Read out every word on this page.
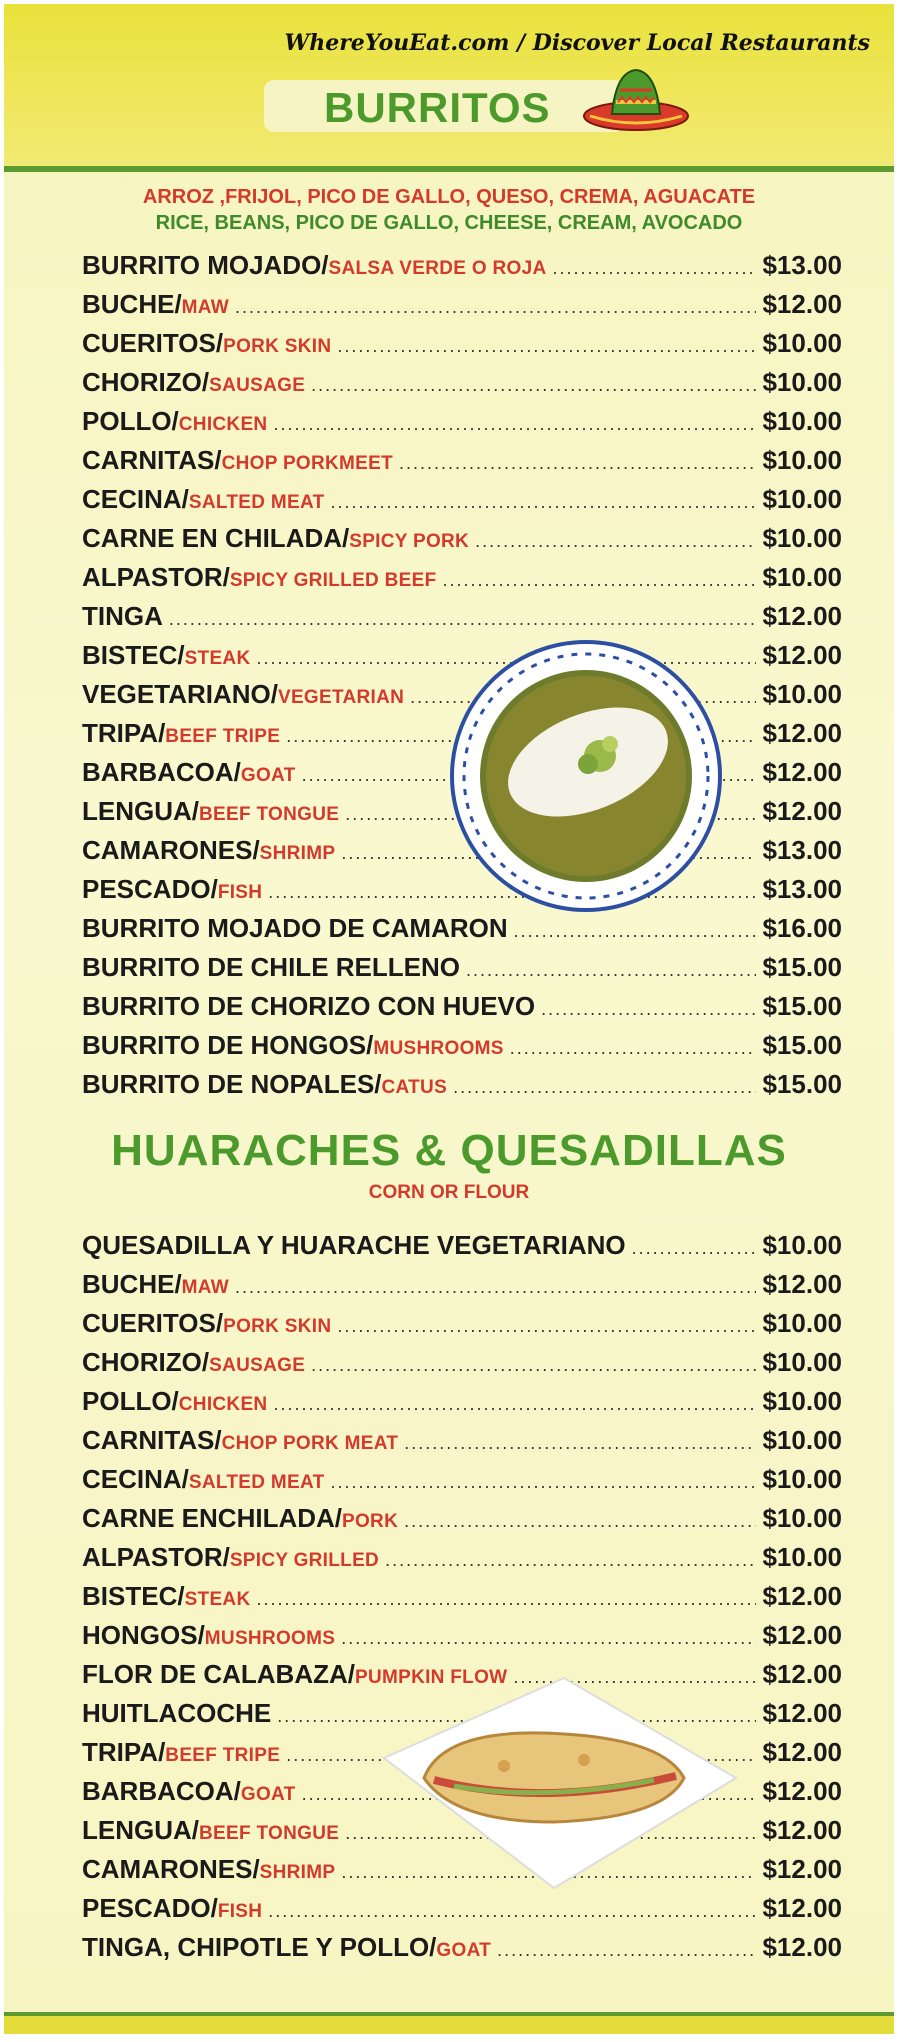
WhereYouEat.com / Discover Local Restaurants
BURRITOS
ARROZ ,FRIJOL, PICO DE GALLO, QUESO, CREMA, AGUACATE
RICE, BEANS, PICO DE GALLO, CHEESE, CREAM, AVOCADO
BURRITO MOJADO/ SALSA VERDE O ROJA .....	$13.00
BUCHE/ MAW .....	$12.00
CUERITOS/ PORK SKIN .....	$10.00
CHORIZO/ SAUSAGE .....	$10.00
POLLO/ CHICKEN .....	$10.00
CARNITAS/ CHOP PORKMEET .....	$10.00
CECINA/ SALTED MEAT .....	$10.00
CARNE EN CHILADA/ SPICY PORK .....	$10.00
ALPASTOR/ SPICY GRILLED BEEF .....	$10.00
TINGA .....	$12.00
BISTEC/ STEAK .....	$12.00
VEGETARIANO/ VEGETARIAN .....	$10.00
TRIPA/ BEEF TRIPE .....	$12.00
BARBACOA/ GOAT .....	$12.00
LENGUA/ BEEF TONGUE .....	$12.00
CAMARONES/ SHRIMP .....	$13.00
PESCADO/ FISH .....	$13.00
BURRITO MOJADO DE CAMARON .....	$16.00
BURRITO DE CHILE RELLENO .....	$15.00
BURRITO DE CHORIZO CON HUEVO .....	$15.00
BURRITO DE HONGOS/ MUSHROOMS .....	$15.00
BURRITO DE NOPALES/ CATUS .....	$15.00
HUARACHES & QUESADILLAS
CORN OR FLOUR
QUESADILLA Y HUARACHE VEGETARIANO .....	$10.00
BUCHE/ MAW .....	$12.00
CUERITOS/ PORK SKIN .....	$10.00
CHORIZO/ SAUSAGE .....	$10.00
POLLO/ CHICKEN .....	$10.00
CARNITAS/ CHOP PORK MEAT .....	$10.00
CECINA/ SALTED MEAT .....	$10.00
CARNE ENCHILADA/ PORK .....	$10.00
ALPASTOR/ SPICY GRILLED .....	$10.00
BISTEC/ STEAK .....	$12.00
HONGOS/ MUSHROOMS .....	$12.00
FLOR DE CALABAZA/ PUMPKIN FLOW .....	$12.00
HUITLACOCHE .....	$12.00
TRIPA/ BEEF TRIPE .....	$12.00
BARBACOA/ GOAT .....	$12.00
LENGUA/ BEEF TONGUE .....	$12.00
CAMARONES/ SHRIMP .....	$12.00
PESCADO/ FISH .....	$12.00
TINGA, CHIPOTLE Y POLLO/ GOAT .....	$12.00
